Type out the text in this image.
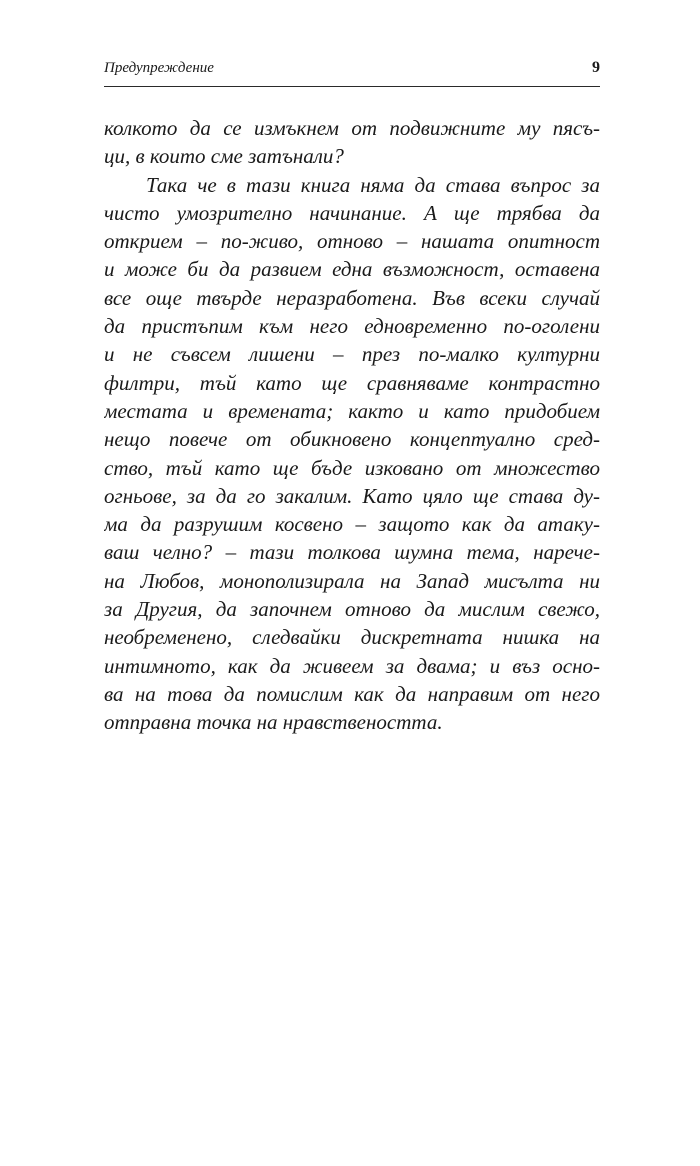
Предупреждение	9
колкото да се измъкнем от подвижните му пясъ-
ци, в които сме затънали?
Така че в тази книга няма да става въпрос за
чисто умозрително начинание. А ще трябва да
открием – по-живо, отново – нашата опитност
и може би да развием една възможност, оставена
все още твърде неразработена. Във всеки случай
да пристъпим към него едновременно по-оголени
и не съвсем лишени – през по-малко културни
филтри, тъй като ще сравняваме контрастно
местата и времената; както и като придобием
нещо повече от обикновено концептуално сред-
ство, тъй като ще бъде изковано от множество
огньове, за да го закалим. Като цяло ще става ду-
ма да разрушим косвено – защото как да атаку-
ваш челно? – тази толкова шумна тема, нарече-
на Любов, монополизирала на Запад мисълта ни
за Другия, да започнем отново да мислим свежо,
необременено, следвайки дискретната нишка на
интимното, как да живеем за двама; и въз осно-
ва на това да помислим как да направим от него
отправна точка на нравствеността.
